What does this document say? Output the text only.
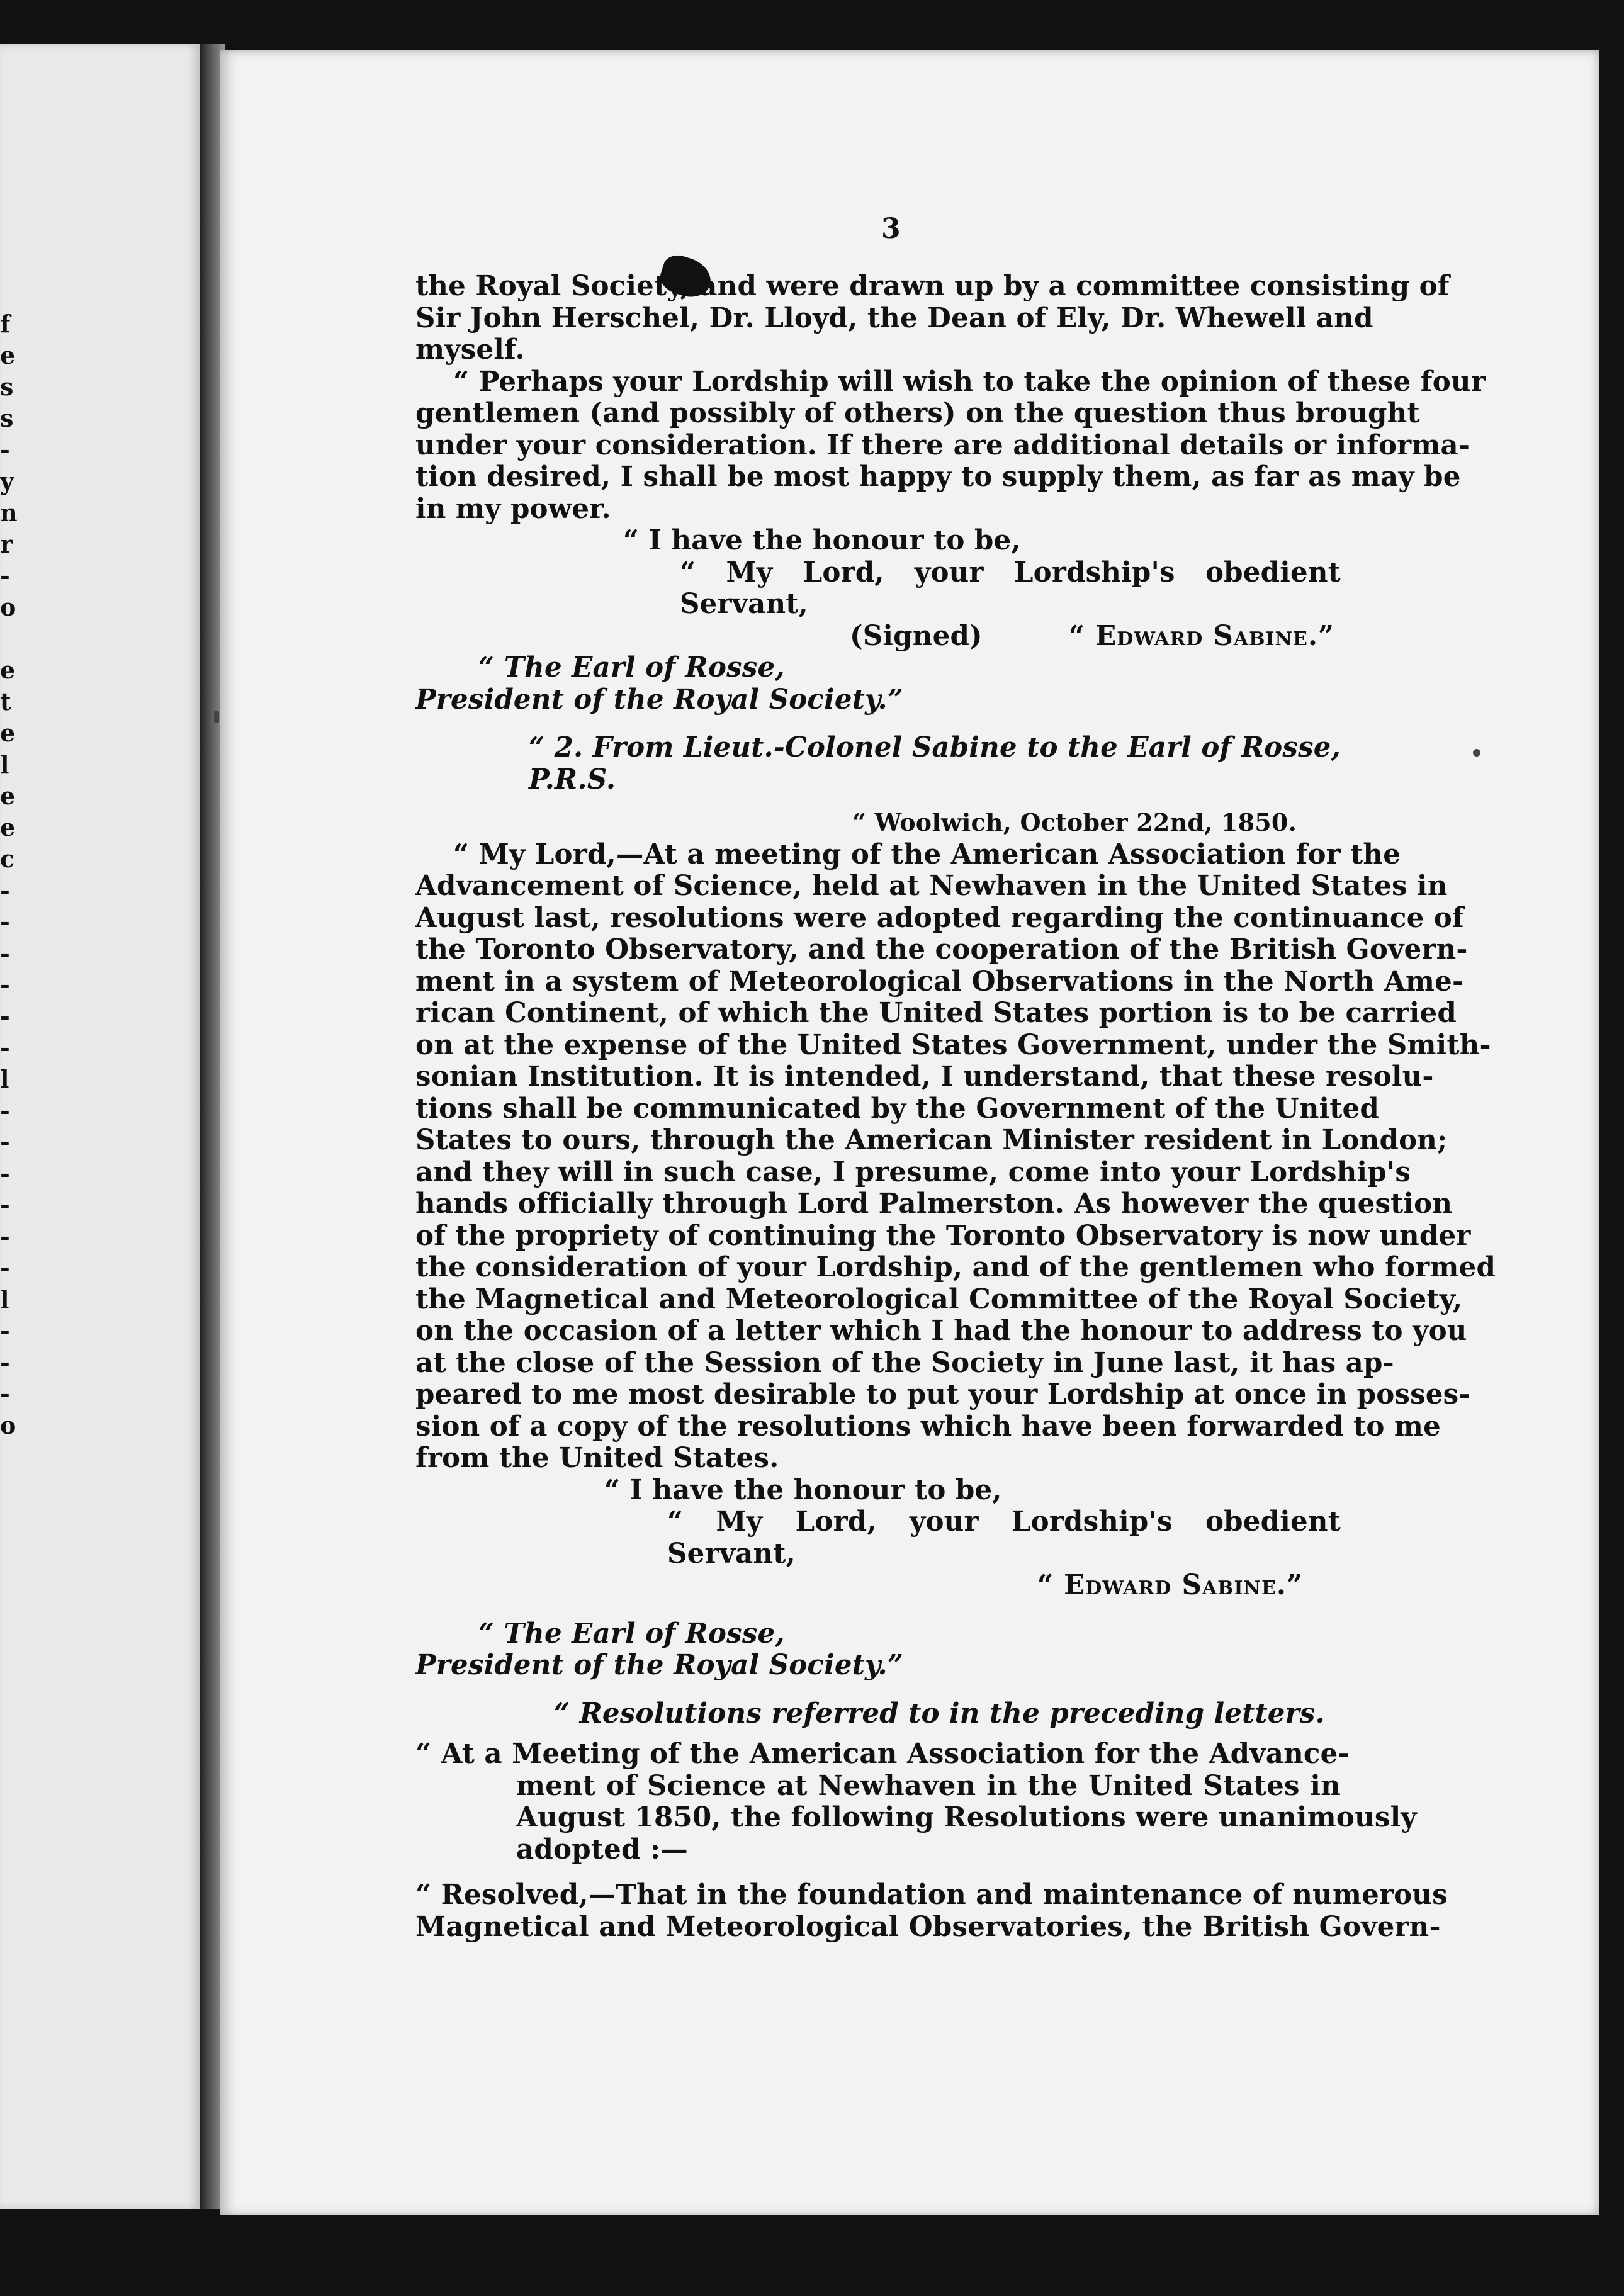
f
e
s
s
-
y
n
r
-
o
e
t
e
l
e
e
c
-
-
-
-
-
-
l
-
-
-
-
-
-
l
-
-
-
o
3
the Royal Society, and were drawn up by a committee consisting of
Sir John Herschel, Dr. Lloyd, the Dean of Ely, Dr. Whewell and
myself.
“ Perhaps your Lordship will wish to take the opinion of these four
gentlemen (and possibly of others) on the question thus brought
under your consideration. If there are additional details or informa-
tion desired, I shall be most happy to supply them, as far as may be
in my power.
“ I have the honour to be,
“ My Lord, your Lordship's obedient Servant,
(Signed)	“ Edward Sabine.”
“ The Earl of Rosse,
President of the Royal Society.”
“ 2. From Lieut.-Colonel Sabine to the Earl of Rosse, P.R.S.
“ Woolwich, October 22nd, 1850.
“ My Lord,—At a meeting of the American Association for the
Advancement of Science, held at Newhaven in the United States in
August last, resolutions were adopted regarding the continuance of
the Toronto Observatory, and the cooperation of the British Govern-
ment in a system of Meteorological Observations in the North Ame-
rican Continent, of which the United States portion is to be carried
on at the expense of the United States Government, under the Smith-
sonian Institution. It is intended, I understand, that these resolu-
tions shall be communicated by the Government of the United
States to ours, through the American Minister resident in London;
and they will in such case, I presume, come into your Lordship's
hands officially through Lord Palmerston. As however the question
of the propriety of continuing the Toronto Observatory is now under
the consideration of your Lordship, and of the gentlemen who formed
the Magnetical and Meteorological Committee of the Royal Society,
on the occasion of a letter which I had the honour to address to you
at the close of the Session of the Society in June last, it has ap-
peared to me most desirable to put your Lordship at once in posses-
sion of a copy of the resolutions which have been forwarded to me
from the United States.
“ I have the honour to be,
“ My Lord, your Lordship's obedient Servant,
“ Edward Sabine.”
“ The Earl of Rosse,
President of the Royal Society.”
“ Resolutions referred to in the preceding letters.
“ At a Meeting of the American Association for the Advance-
ment of Science at Newhaven in the United States in
August 1850, the following Resolutions were unanimously
adopted :—
“ Resolved,—That in the foundation and maintenance of numerous
Magnetical and Meteorological Observatories, the British Govern-
